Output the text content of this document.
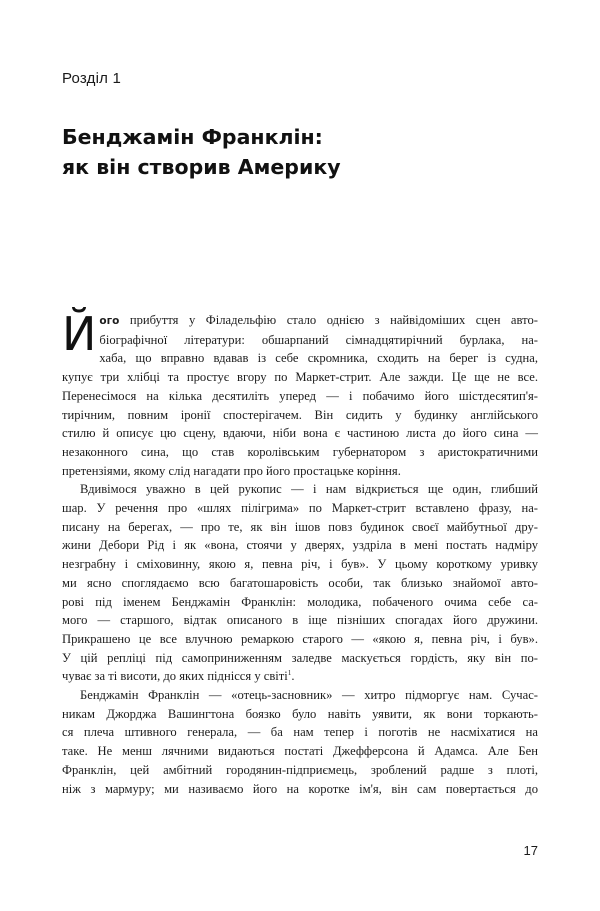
Розділ 1
Бенджамін Франклін:
як він створив Америку
Й ого прибуття у Філадельфію стало однією з найвідоміших сцен авто-
біографічної літератури: обшарпаний сімнадцятирічний бурлака, на-
хаба, що вправно вдавав із себе скромника, сходить на берег із судна,
купує три хлібці та простує вгору по Маркет-стрит. Але зажди. Це ще не все.
Перенесімося на кілька десятиліть уперед — і побачимо його шістдесятип'я-
тирічним, повним іронії спостерігачем. Він сидить у будинку англійського
стилю й описує цю сцену, вдаючи, ніби вона є частиною листа до його сина —
незаконного сина, що став королівським губернатором з аристократичними
претензіями, якому слід нагадати про його простацьке коріння.
Вдивімося уважно в цей рукопис — і нам відкриється ще один, глибший
шар. У речення про «шлях пілігрима» по Маркет-стрит вставлено фразу, на-
писану на берегах, — про те, як він ішов повз будинок своєї майбутньої дру-
жини Дебори Рід і як «вона, стоячи у дверях, уздріла в мені постать надміру
незграбну і сміховинну, якою я, певна річ, і був». У цьому короткому уривку
ми ясно споглядаємо всю багатошаровість особи, так близько знайомої авто-
рові під іменем Бенджамін Франклін: молодика, побаченого очима себе са-
мого — старшого, відтак описаного в іще пізніших спогадах його дружини.
Прикрашено це все влучною ремаркою старого — «якою я, певна річ, і був».
У цій репліці під самоприниженням заледве маскується гордість, яку він по-
чуває за ті висоти, до яких піднісся у світі$^1$.
Бенджамін Франклін — «отець-засновник» — хитро підморгує нам. Сучас-
никам Джорджа Вашингтона боязко було навіть уявити, як вони торкають-
ся плеча штивного генерала, — ба нам тепер і поготів не насміхатися на
таке. Не менш лячними видаються постаті Джефферсона й Адамса. Але Бен
Франклін, цей амбітний городянин-підприємець, зроблений радше з плоті,
ніж з мармуру; ми називаємо його на коротке ім'я, він сам повертається до
17
